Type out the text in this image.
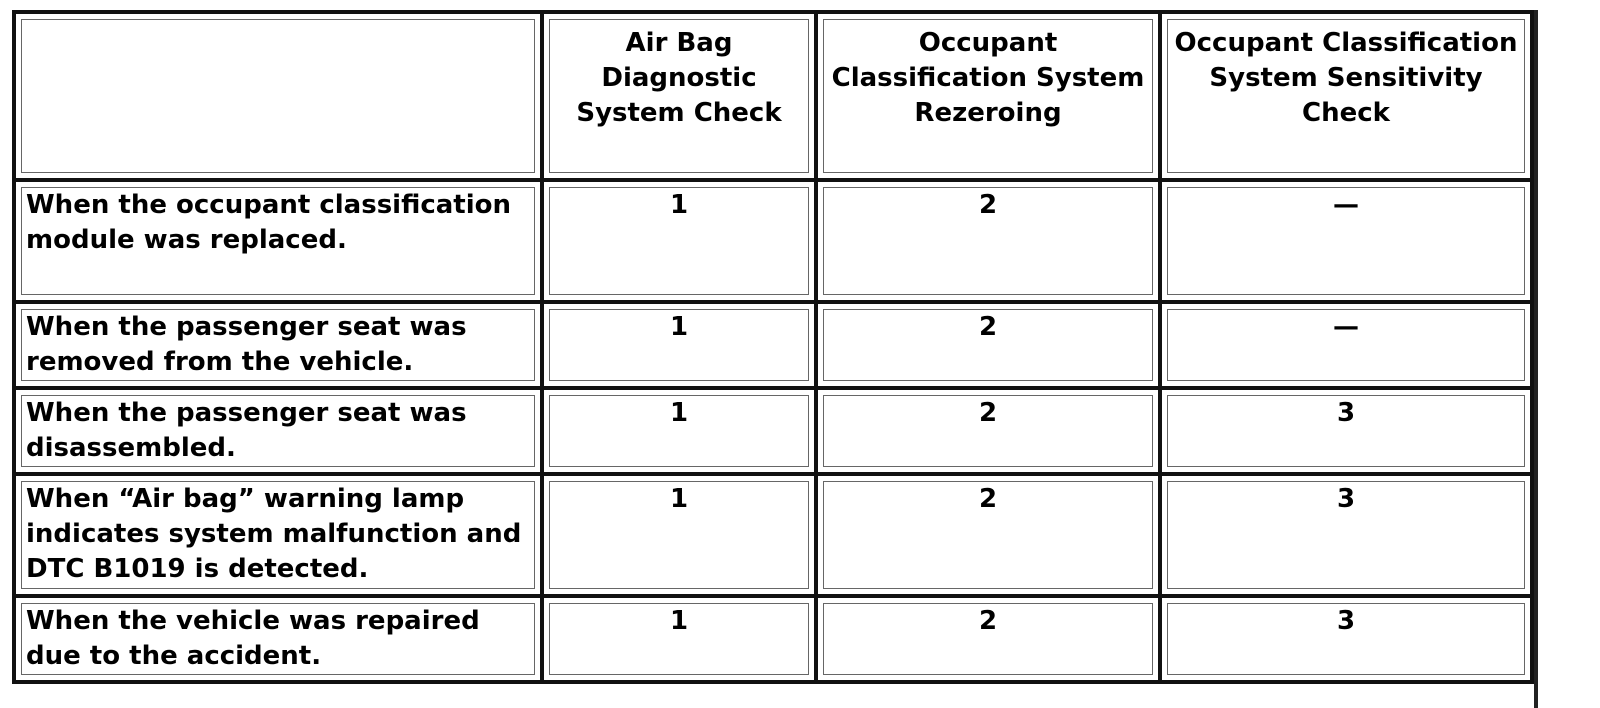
	Air Bag Diagnostic System Check	Occupant Classification System Rezeroing	Occupant Classification System Sensitivity Check
When the occupant classification module was replaced.	1	2	—
When the passenger seat was removed from the vehicle.	1	2	—
When the passenger seat was disassembled.	1	2	3
When “Air bag” warning lamp indicates system malfunction and DTC B1019 is detected.	1	2	3
When the vehicle was repaired due to the accident.	1	2	3
